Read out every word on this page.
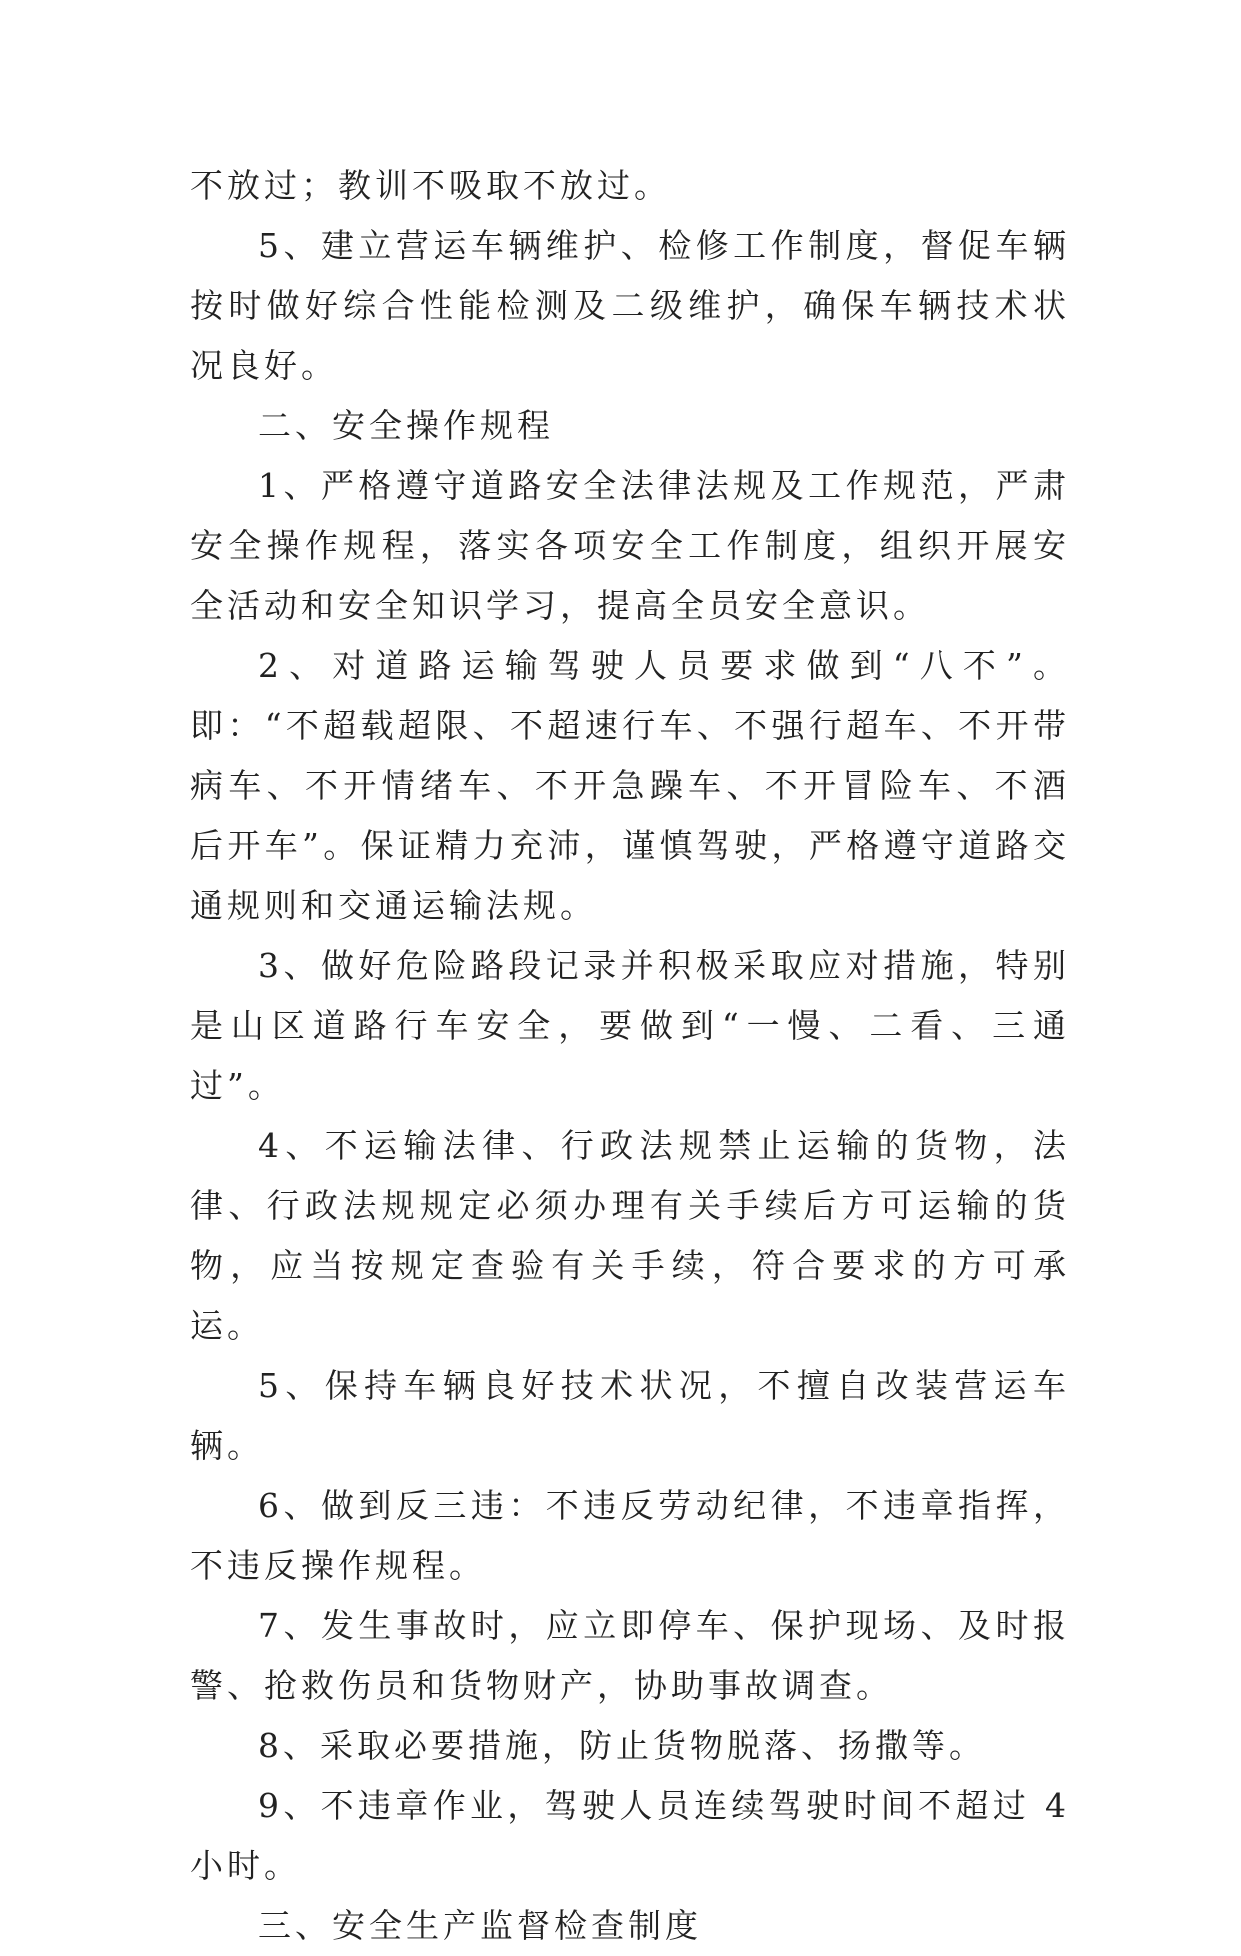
不放过；教训不吸取不放过。

5、建立营运车辆维护、检修工作制度，督促车辆按时做好综合性能检测及二级维护，确保车辆技术状况良好。

二、安全操作规程

1、严格遵守道路安全法律法规及工作规范，严肃安全操作规程，落实各项安全工作制度，组织开展安全活动和安全知识学习，提高全员安全意识。

2、对道路运输驾驶人员要求做到“八不”。即：“不超载超限、不超速行车、不强行超车、不开带病车、不开情绪车、不开急躁车、不开冒险车、不酒后开车”。保证精力充沛，谨慎驾驶，严格遵守道路交通规则和交通运输法规。

3、做好危险路段记录并积极采取应对措施，特别是山区道路行车安全，要做到“一慢、二看、三通过”。

4、不运输法律、行政法规禁止运输的货物，法律、行政法规规定必须办理有关手续后方可运输的货物，应当按规定查验有关手续，符合要求的方可承运。

5、保持车辆良好技术状况，不擅自改装营运车辆。

6、做到反三违：不违反劳动纪律，不违章指挥，不违反操作规程。

7、发生事故时，应立即停车、保护现场、及时报警、抢救伤员和货物财产，协助事故调查。

8、采取必要措施，防止货物脱落、扬撒等。

9、不违章作业，驾驶人员连续驾驶时间不超过 4 小时。

三、安全生产监督检查制度
